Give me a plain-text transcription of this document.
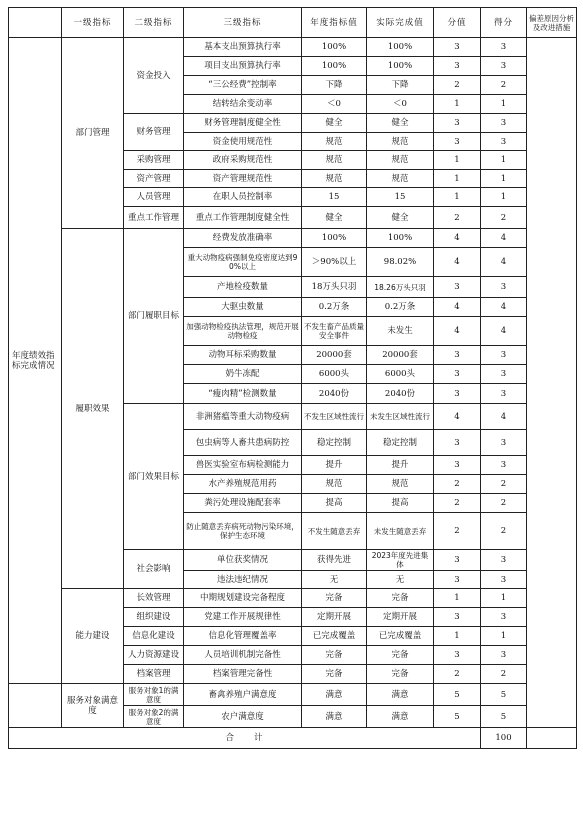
	一级指标	二级指标	三级指标	年度指标值	实际完成值	分值	得分	偏差原因分析及改进措施
年度绩效指标完成情况	部门管理	资金投入	基本支出预算执行率	100%	100%	3	3	
			项目支出预算执行率	100%	100%	3	3	
			“三公经费”控制率	下降	下降	2	2	
			结转结余变动率	＜0	＜0	1	1	
		财务管理	财务管理制度健全性	健全	健全	3	3	
			资金使用规范性	规范	规范	3	3	
		采购管理	政府采购规范性	规范	规范	1	1	
		资产管理	资产管理规范性	规范	规范	1	1	
		人员管理	在职人员控制率	15	15	1	1	
		重点工作管理	重点工作管理制度健全性	健全	健全	2	2	
	履职效果	部门履职目标	经费发放准确率	100%	100%	4	4	
			重大动物疫病强制免疫密度达到90%以上	＞90%以上	98.02%	4	4	
			产地检疫数量	18万头只羽	18.26万头只羽	3	3	
			大驱虫数量	0.2万条	0.2万条	4	4	
			加强动物检疫执法管理，规范开展动物检疫	不发生畜产品质量安全事件	未发生	4	4	
			动物耳标采购数量	20000套	20000套	3	3	
			奶牛冻配	6000头	6000头	3	3	
			“瘦肉精”检测数量	2040份	2040份	3	3	
		部门效果目标	非洲猪瘟等重大动物疫病	不发生区域性流行	未发生区域性流行	4	4	
			包虫病等人畜共患病防控	稳定控制	稳定控制	3	3	
			兽医实验室布病检测能力	提升	提升	3	3	
			水产养殖规范用药	规范	规范	2	2	
			粪污处理设施配套率	提高	提高	2	2	
			防止随意丢弃病死动物污染环境，保护生态环境	不发生随意丢弃	未发生随意丢弃	2	2	
		社会影响	单位获奖情况	获得先进	2023年度先进集体	3	3	
			违法违纪情况	无	无	3	3	
	能力建设	长效管理	中期规划建设完备程度	完备	完备	1	1	
		组织建设	党建工作开展规律性	定期开展	定期开展	3	3	
		信息化建设	信息化管理覆盖率	已完成覆盖	已完成覆盖	1	1	
		人力资源建设	人员培训机制完备性	完备	完备	3	3	
		档案管理	档案管理完备性	完备	完备	2	2	
	服务对象满意度	服务对象1的满意度	畜禽养殖户满意度	满意	满意	5	5	
		服务对象2的满意度	农户满意度	满意	满意	5	5	
合　　计							100	
